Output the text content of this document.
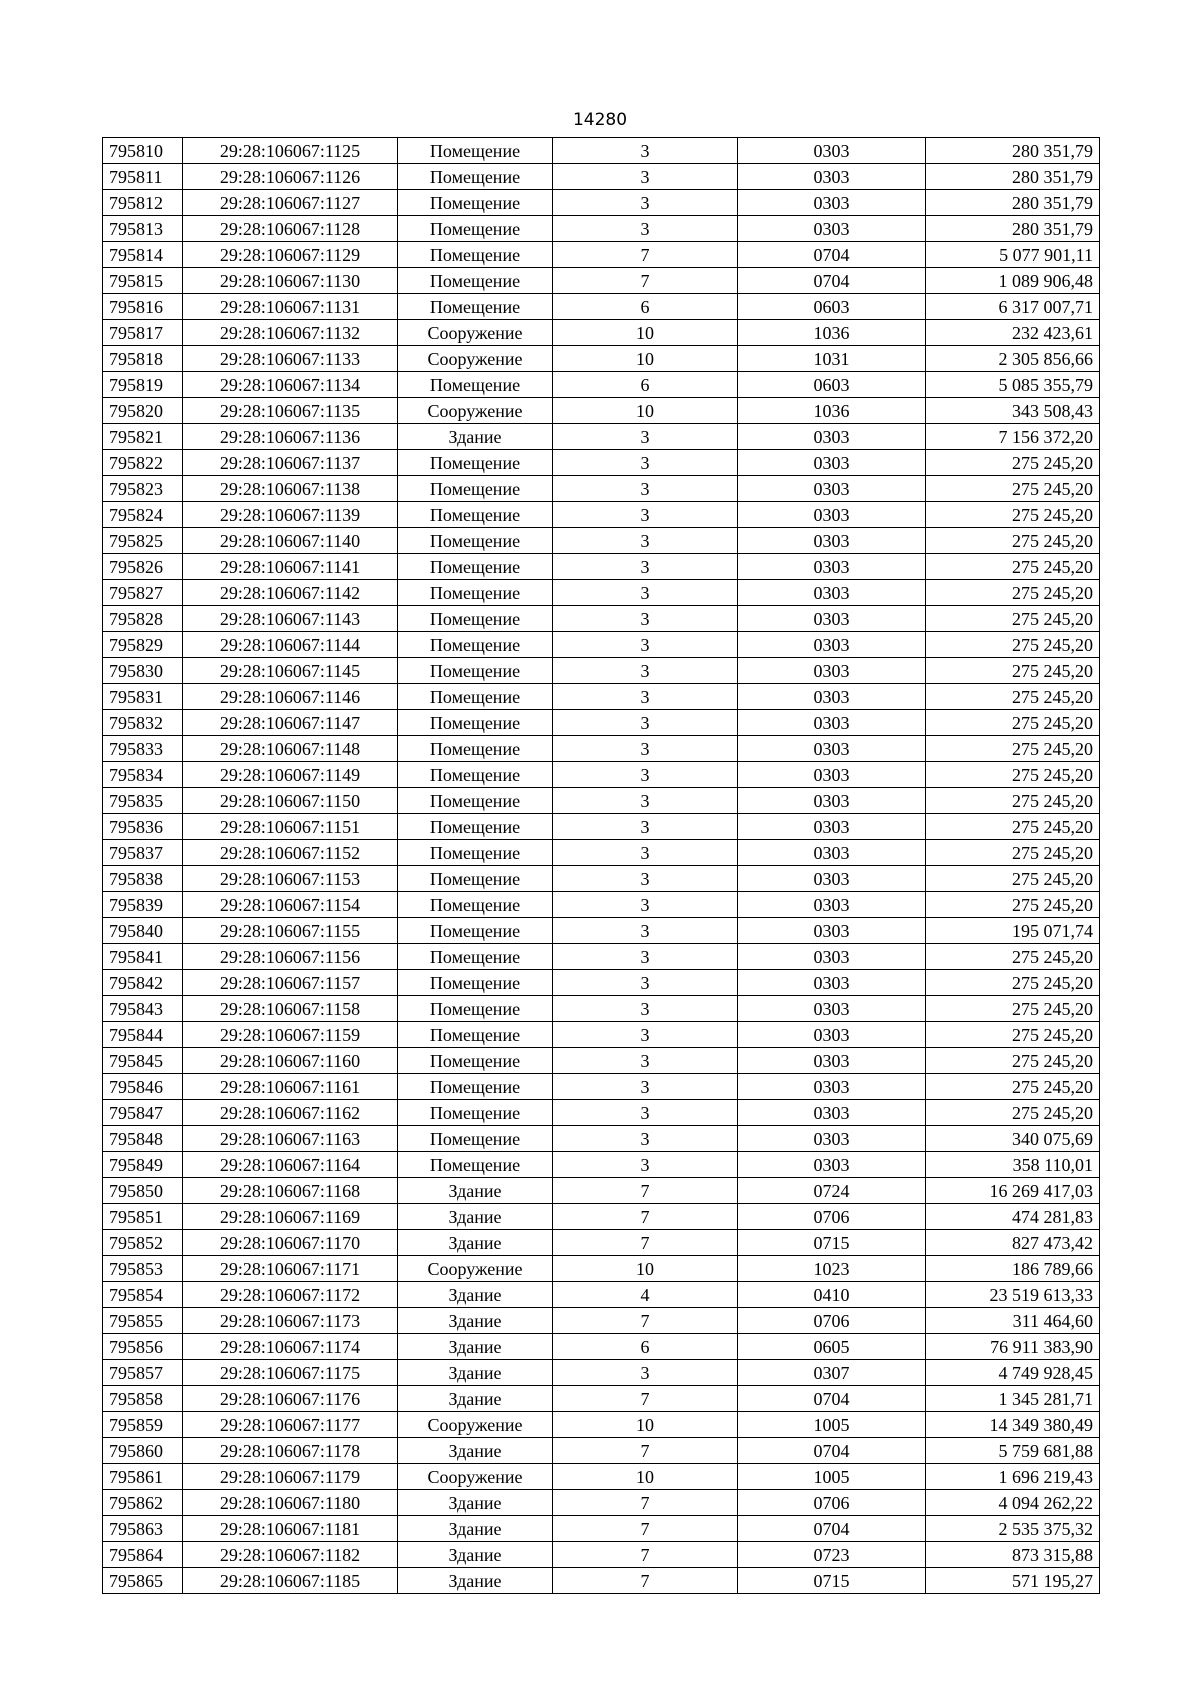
14280
795810	29:28:106067:1125	Помещение	3	0303	280 351,79
795811	29:28:106067:1126	Помещение	3	0303	280 351,79
795812	29:28:106067:1127	Помещение	3	0303	280 351,79
795813	29:28:106067:1128	Помещение	3	0303	280 351,79
795814	29:28:106067:1129	Помещение	7	0704	5 077 901,11
795815	29:28:106067:1130	Помещение	7	0704	1 089 906,48
795816	29:28:106067:1131	Помещение	6	0603	6 317 007,71
795817	29:28:106067:1132	Сооружение	10	1036	232 423,61
795818	29:28:106067:1133	Сооружение	10	1031	2 305 856,66
795819	29:28:106067:1134	Помещение	6	0603	5 085 355,79
795820	29:28:106067:1135	Сооружение	10	1036	343 508,43
795821	29:28:106067:1136	Здание	3	0303	7 156 372,20
795822	29:28:106067:1137	Помещение	3	0303	275 245,20
795823	29:28:106067:1138	Помещение	3	0303	275 245,20
795824	29:28:106067:1139	Помещение	3	0303	275 245,20
795825	29:28:106067:1140	Помещение	3	0303	275 245,20
795826	29:28:106067:1141	Помещение	3	0303	275 245,20
795827	29:28:106067:1142	Помещение	3	0303	275 245,20
795828	29:28:106067:1143	Помещение	3	0303	275 245,20
795829	29:28:106067:1144	Помещение	3	0303	275 245,20
795830	29:28:106067:1145	Помещение	3	0303	275 245,20
795831	29:28:106067:1146	Помещение	3	0303	275 245,20
795832	29:28:106067:1147	Помещение	3	0303	275 245,20
795833	29:28:106067:1148	Помещение	3	0303	275 245,20
795834	29:28:106067:1149	Помещение	3	0303	275 245,20
795835	29:28:106067:1150	Помещение	3	0303	275 245,20
795836	29:28:106067:1151	Помещение	3	0303	275 245,20
795837	29:28:106067:1152	Помещение	3	0303	275 245,20
795838	29:28:106067:1153	Помещение	3	0303	275 245,20
795839	29:28:106067:1154	Помещение	3	0303	275 245,20
795840	29:28:106067:1155	Помещение	3	0303	195 071,74
795841	29:28:106067:1156	Помещение	3	0303	275 245,20
795842	29:28:106067:1157	Помещение	3	0303	275 245,20
795843	29:28:106067:1158	Помещение	3	0303	275 245,20
795844	29:28:106067:1159	Помещение	3	0303	275 245,20
795845	29:28:106067:1160	Помещение	3	0303	275 245,20
795846	29:28:106067:1161	Помещение	3	0303	275 245,20
795847	29:28:106067:1162	Помещение	3	0303	275 245,20
795848	29:28:106067:1163	Помещение	3	0303	340 075,69
795849	29:28:106067:1164	Помещение	3	0303	358 110,01
795850	29:28:106067:1168	Здание	7	0724	16 269 417,03
795851	29:28:106067:1169	Здание	7	0706	474 281,83
795852	29:28:106067:1170	Здание	7	0715	827 473,42
795853	29:28:106067:1171	Сооружение	10	1023	186 789,66
795854	29:28:106067:1172	Здание	4	0410	23 519 613,33
795855	29:28:106067:1173	Здание	7	0706	311 464,60
795856	29:28:106067:1174	Здание	6	0605	76 911 383,90
795857	29:28:106067:1175	Здание	3	0307	4 749 928,45
795858	29:28:106067:1176	Здание	7	0704	1 345 281,71
795859	29:28:106067:1177	Сооружение	10	1005	14 349 380,49
795860	29:28:106067:1178	Здание	7	0704	5 759 681,88
795861	29:28:106067:1179	Сооружение	10	1005	1 696 219,43
795862	29:28:106067:1180	Здание	7	0706	4 094 262,22
795863	29:28:106067:1181	Здание	7	0704	2 535 375,32
795864	29:28:106067:1182	Здание	7	0723	873 315,88
795865	29:28:106067:1185	Здание	7	0715	571 195,27
